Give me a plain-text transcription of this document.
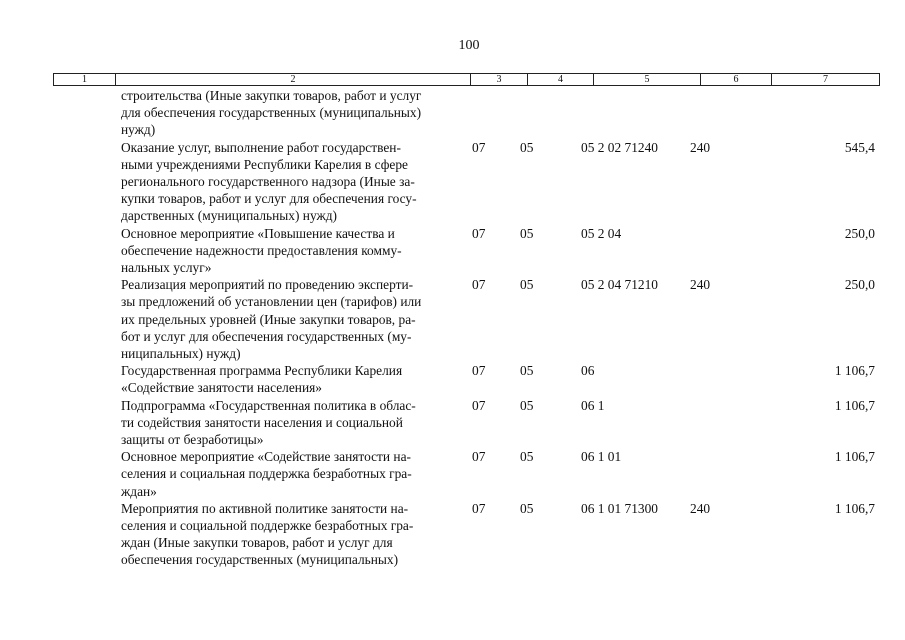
100
1	2	3	4	5	6	7
строительства (Иные закупки товаров, работ и услуг
для обеспечения государственных (муниципальных)
нужд)
Оказание услуг, выполнение работ государствен-
ными учреждениями Республики Карелия в сфере
регионального государственного надзора (Иные за-
купки товаров, работ и услуг для обеспечения госу-
дарственных (муниципальных) нужд)
07	05	05 2 02 71240 240	545,4
Основное мероприятие «Повышение качества и
обеспечение надежности предоставления комму-
нальных услуг»
07	05	05 2 04	250,0
Реализация мероприятий по проведению эксперти-
зы предложений об установлении цен (тарифов) или
их предельных уровней (Иные закупки товаров, ра-
бот и услуг для обеспечения государственных (му-
ниципальных) нужд)
07	05	05 2 04 71210 240	250,0
Государственная программа Республики Карелия
«Содействие занятости населения»
07	05	06	1 106,7
Подпрограмма «Государственная политика в облас-
ти содействия занятости населения и социальной
защиты от безработицы»
07	05	06 1	1 106,7
Основное мероприятие «Содействие занятости на-
селения и социальная поддержка безработных гра-
ждан»
07	05	06 1 01	1 106,7
Мероприятия по активной политике занятости на-
селения и социальной поддержке безработных гра-
ждан (Иные закупки товаров, работ и услуг для
обеспечения государственных (муниципальных)
07	05	06 1 01 71300 240	1 106,7
